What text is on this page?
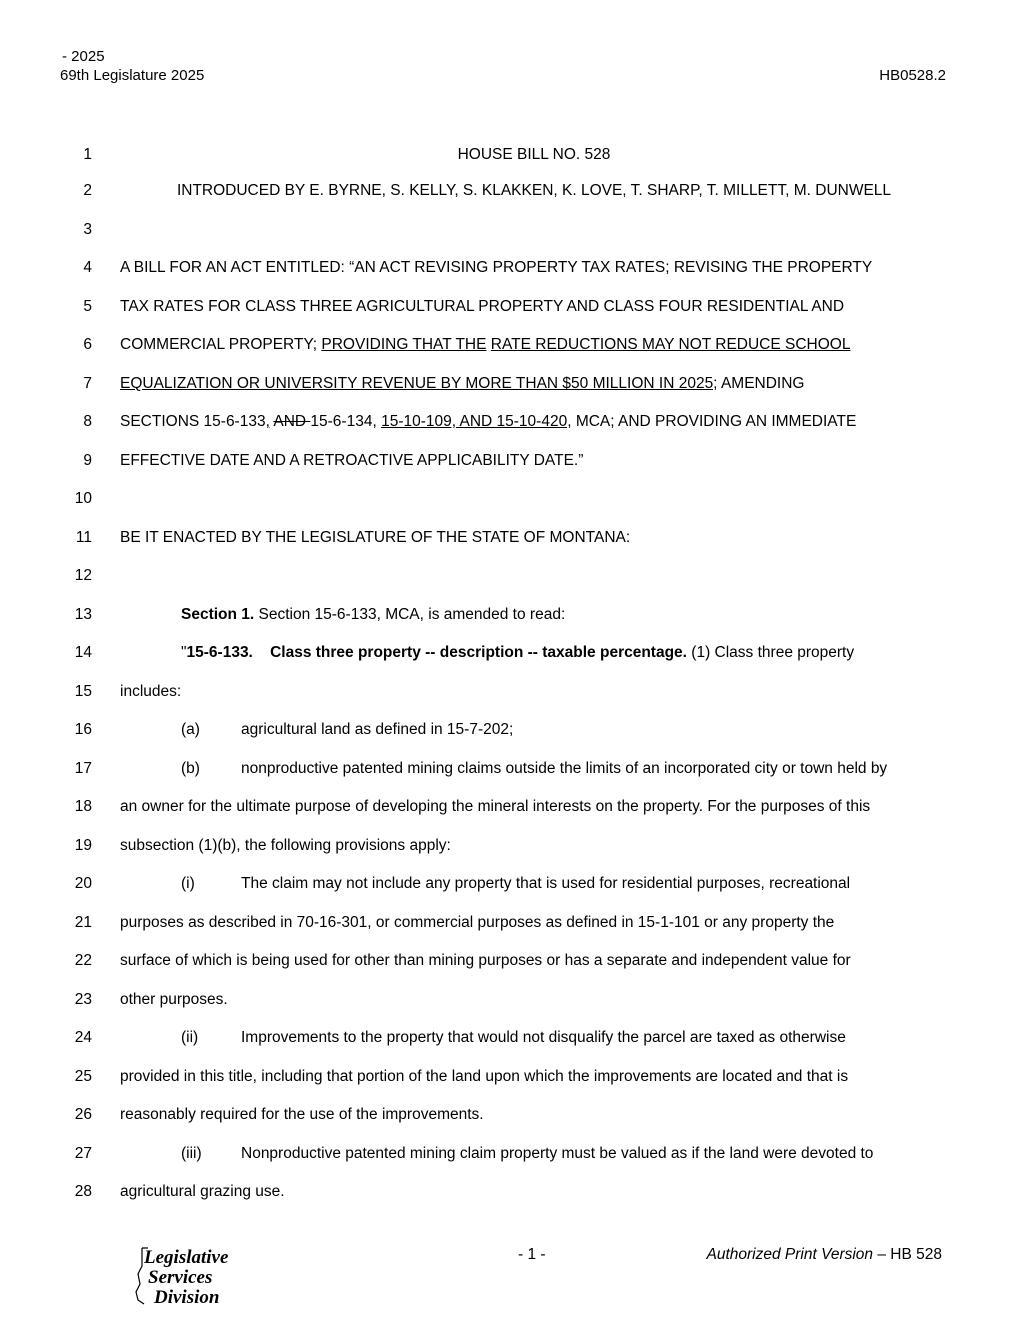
- 2025
69th Legislature 2025	HB0528.2
1
2
3
4
5
6
7
8
9
10
11
12
13
14
15
16
17
18
19
20
21
22
23
24
25
26
27
28
HOUSE BILL NO. 528
INTRODUCED BY E. BYRNE, S. KELLY, S. KLAKKEN, K. LOVE, T. SHARP, T. MILLETT, M. DUNWELL
A BILL FOR AN ACT ENTITLED: “AN ACT REVISING PROPERTY TAX RATES; REVISING THE PROPERTY
TAX RATES FOR CLASS THREE AGRICULTURAL PROPERTY AND CLASS FOUR RESIDENTIAL AND
COMMERCIAL PROPERTY; PROVIDING THAT THE RATE REDUCTIONS MAY NOT REDUCE SCHOOL
EQUALIZATION OR UNIVERSITY REVENUE BY MORE THAN $50 MILLION IN 2025; AMENDING
SECTIONS 15-6-133, AND 15-6-134, 15-10-109, AND 15-10-420, MCA; AND PROVIDING AN IMMEDIATE
EFFECTIVE DATE AND A RETROACTIVE APPLICABILITY DATE.”
BE IT ENACTED BY THE LEGISLATURE OF THE STATE OF MONTANA:
Section 1. Section 15-6-133, MCA, is amended to read:
"15-6-133.    Class three property -- description -- taxable percentage. (1) Class three property
includes:
(a)	agricultural land as defined in 15-7-202;
(b)	nonproductive patented mining claims outside the limits of an incorporated city or town held by
an owner for the ultimate purpose of developing the mineral interests on the property. For the purposes of this
subsection (1)(b), the following provisions apply:
(i)	The claim may not include any property that is used for residential purposes, recreational
purposes as described in 70-16-301, or commercial purposes as defined in 15-1-101 or any property the
surface of which is being used for other than mining purposes or has a separate and independent value for
other purposes.
(ii)	Improvements to the property that would not disqualify the parcel are taxed as otherwise
provided in this title, including that portion of the land upon which the improvements are located and that is
reasonably required for the use of the improvements.
(iii)	Nonproductive patented mining claim property must be valued as if the land were devoted to
agricultural grazing use.
Legislative
Services
Division
- 1 -	Authorized Print Version – HB 528
